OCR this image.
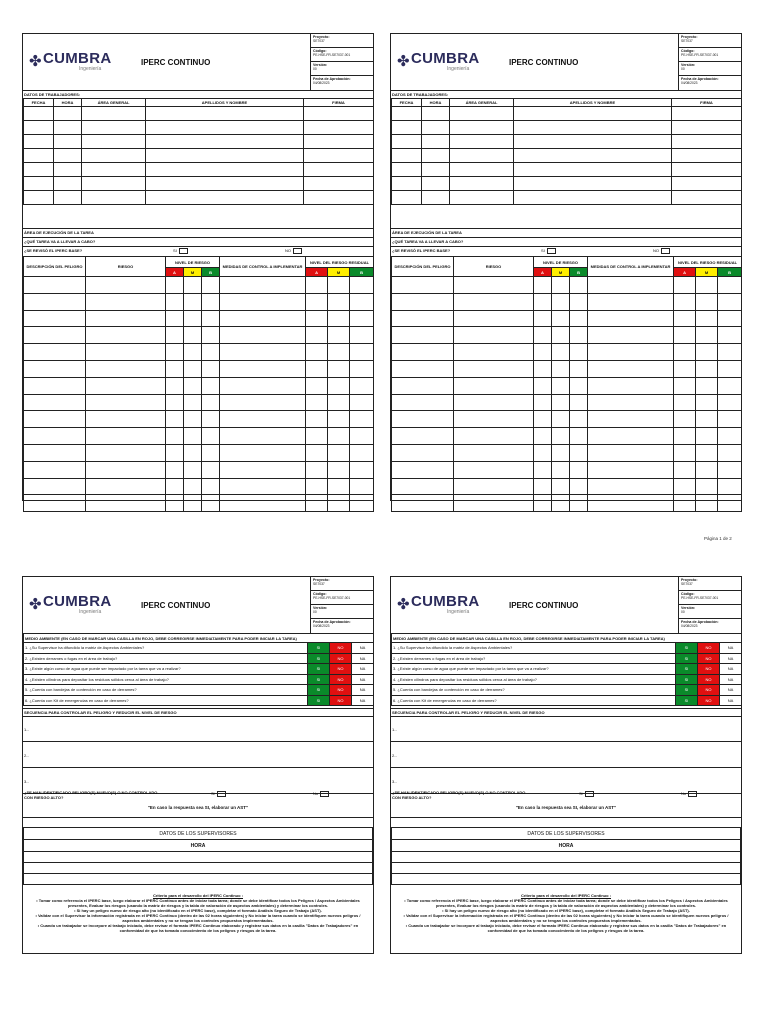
✤ CUMBRA
Ingeniería
IPERC CONTINUO
Proyecto:
SE7037
Código:
PE-HSE-FR-SE7037-001
Versión:
00
Fecha de Aprobación:
04/08/2023
DATOS DE TRABAJADORES:
FECHA	HORA	ÁREA GENERAL	APELLIDOS Y NOMBRE	FIRMA

ÁREA DE EJECUCIÓN DE LA TAREA
¿QUÉ TAREA VA A LLEVAR A CABO?
¿SE REVISÓ EL IPERC BASE?	SI	NO
DESCRIPCIÓN DEL PELIGRO	RIESGO	NIVEL DE RIESGO			MEDIDAS DE CONTROL A IMPLEMENTAR	NIVEL DEL RIESGO RESIDUAL		
		A	M	B		A	M	B

✤ CUMBRA
Ingeniería
IPERC CONTINUO
Proyecto:
SE7037
Código:
PE-HSE-FR-SE7037-001
Versión:
00
Fecha de Aprobación:
04/08/2023
DATOS DE TRABAJADORES:
FECHA	HORA	ÁREA GENERAL	APELLIDOS Y NOMBRE	FIRMA

ÁREA DE EJECUCIÓN DE LA TAREA
¿QUÉ TAREA VA A LLEVAR A CABO?
¿SE REVISÓ EL IPERC BASE?	SI	NO
DESCRIPCIÓN DEL PELIGRO	RIESGO	NIVEL DE RIESGO			MEDIDAS DE CONTROL A IMPLEMENTAR	NIVEL DEL RIESGO RESIDUAL		
		A	M	B		A	M	B

Página 1 de 2
✤ CUMBRA
Ingeniería
IPERC CONTINUO
Proyecto:
SE7037
Código:
PE-HSE-FR-SE7037-001
Versión:
00
Fecha de Aprobación:
04/08/2023
MEDIO AMBIENTE (EN CASO DE MARCAR UNA CASILLA EN ROJO, DEBE CORREGIRSE INMEDIATAMENTE PARA PODER INICIAR LA TAREA)			
1. ¿Su Supervisor ha difundido la matriz de Aspectos Ambientales?	SI	NO	NA
2. ¿Existen derrames o fugas en el área de trabajo?	SI	NO	NA
3. ¿Existe algún curso de agua que puede ser impactado por la tarea que va a realizar?	SI	NO	NA
4. ¿Existen cilindros para depositar los residuos sólidos cerca al área de trabajo?	SI	NO	NA
5. ¿Cuenta con bandejas de contención en caso de derrames?	SI	NO	NA
6. ¿Cuenta con Kit de emergencias en caso de derrames?	SI	NO	NA
SECUENCIA PARA CONTROLAR EL PELIGRO Y REDUCIR EL NIVEL DE RIESGO
1.-
2.-
3.-
¿SE HAN IDENTIFICADO PELIGRO(S) NUEVO(S) O NO CONTROLADO CON RIESGO ALTO?
Si	No
"En caso la respuesta sea SI, elaborar un AST"
DATOS DE LOS SUPERVISORES
HORA

Criterio para el desarrollo del IPERC Continuo :
• Tomar como referencia el IPERC base, luego elaborar el IPERC Continuo antes de iniciar toda tarea; donde se debe identificar todos los Peligros / Aspectos Ambientales presentes, Evaluar los riesgos (usando la matriz de riesgos y la tabla de valoración de aspectos ambientales) y determinar los controles.
• Si hay un peligro nuevo de riesgo alto (no identificado en el IPERC base), completar el formato Análisis Seguro de Trabajo (AST).
• Validar con el Supervisor la información registrada en el IPERC Continuo (dentro de las 02 horas siguientes) y No iniciar la tarea cuando se identifiquen nuevos peligros / aspectos ambientales y no se tengan los controles propuestos implementados.
• Cuando un trabajador se incorpore al trabajo iniciado, debe revisar el formato IPERC Continuo elaborado y registrar sus datos en la casilla "Datos de Trabajadores" en conformidad de que ha tomado conocimiento de los peligros y riesgos de la tarea.
✤ CUMBRA
Ingeniería
IPERC CONTINUO
Proyecto:
SE7037
Código:
PE-HSE-FR-SE7037-001
Versión:
00
Fecha de Aprobación:
04/08/2023
MEDIO AMBIENTE (EN CASO DE MARCAR UNA CASILLA EN ROJO, DEBE CORREGIRSE INMEDIATAMENTE PARA PODER INICIAR LA TAREA)			
1. ¿Su Supervisor ha difundido la matriz de Aspectos Ambientales?	SI	NO	NA
2. ¿Existen derrames o fugas en el área de trabajo?	SI	NO	NA
3. ¿Existe algún curso de agua que puede ser impactado por la tarea que va a realizar?	SI	NO	NA
4. ¿Existen cilindros para depositar los residuos sólidos cerca al área de trabajo?	SI	NO	NA
5. ¿Cuenta con bandejas de contención en caso de derrames?	SI	NO	NA
6. ¿Cuenta con Kit de emergencias en caso de derrames?	SI	NO	NA
SECUENCIA PARA CONTROLAR EL PELIGRO Y REDUCIR EL NIVEL DE RIESGO
1.-
2.-
3.-
¿SE HAN IDENTIFICADO PELIGRO(S) NUEVO(S) O NO CONTROLADO CON RIESGO ALTO?
Si	No
"En caso la respuesta sea SI, elaborar un AST"
DATOS DE LOS SUPERVISORES
HORA

Criterio para el desarrollo del IPERC Continuo :
• Tomar como referencia el IPERC base, luego elaborar el IPERC Continuo antes de iniciar toda tarea; donde se debe identificar todos los Peligros / Aspectos Ambientales presentes, Evaluar los riesgos (usando la matriz de riesgos y la tabla de valoración de aspectos ambientales) y determinar los controles.
• Si hay un peligro nuevo de riesgo alto (no identificado en el IPERC base), completar el formato Análisis Seguro de Trabajo (AST).
• Validar con el Supervisor la información registrada en el IPERC Continuo (dentro de las 02 horas siguientes) y No iniciar la tarea cuando se identifiquen nuevos peligros / aspectos ambientales y no se tengan los controles propuestos implementados.
• Cuando un trabajador se incorpore al trabajo iniciado, debe revisar el formato IPERC Continuo elaborado y registrar sus datos en la casilla "Datos de Trabajadores" en conformidad de que ha tomado conocimiento de los peligros y riesgos de la tarea.
